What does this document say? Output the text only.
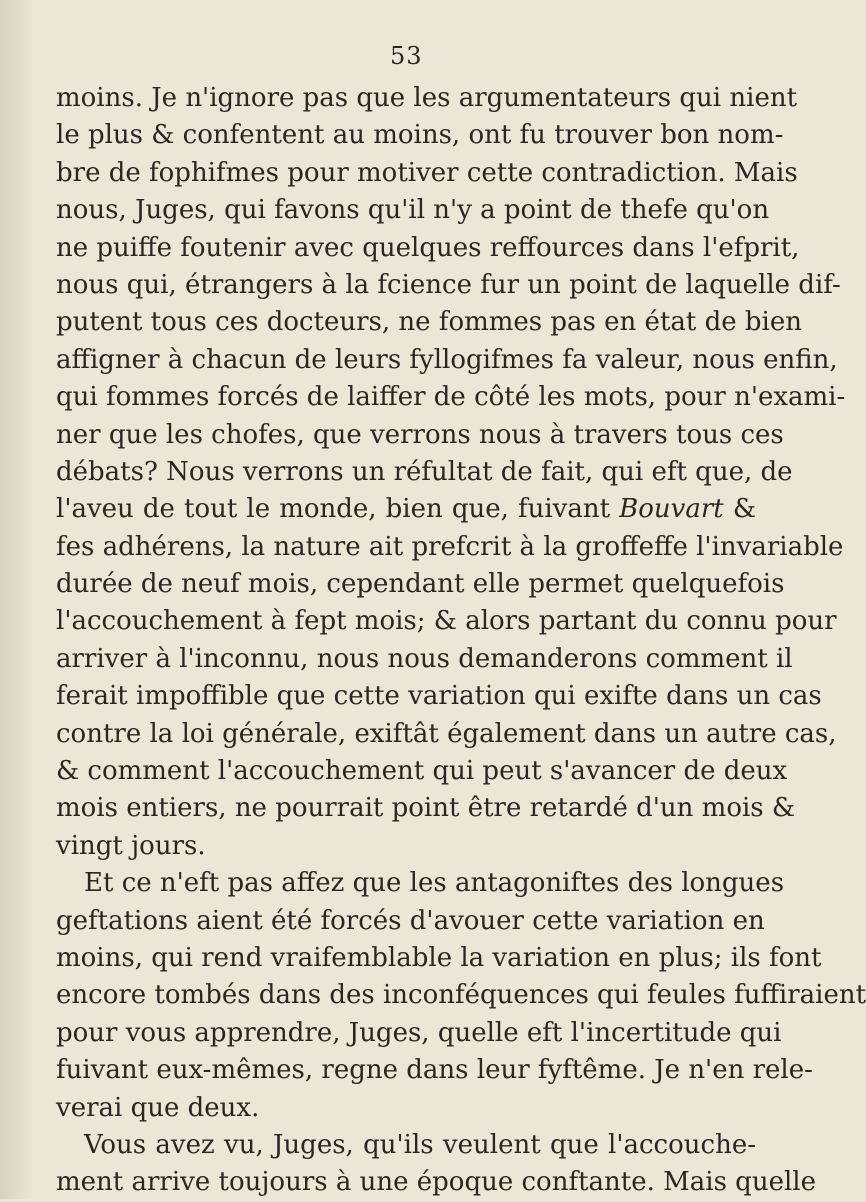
53
moins. Je n'ignore pas que les argumentateurs qui nient
le plus & confentent au moins, ont fu trouver bon nom-
bre de fophifmes pour motiver cette contradiction. Mais
nous, Juges, qui favons qu'il n'y a point de thefe qu'on
ne puiffe foutenir avec quelques reffources dans l'efprit,
nous qui, étrangers à la fcience fur un point de laquelle dif-
putent tous ces docteurs, ne fommes pas en état de bien
affigner à chacun de leurs fyllogifmes fa valeur, nous enfin,
qui fommes forcés de laiffer de côté les mots, pour n'exami-
ner que les chofes, que verrons nous à travers tous ces
débats? Nous verrons un réfultat de fait, qui eft que, de
l'aveu de tout le monde, bien que, fuivant Bouvart &
fes adhérens, la nature ait prefcrit à la groffeffe l'invariable
durée de neuf mois, cependant elle permet quelquefois
l'accouchement à fept mois; & alors partant du connu pour
arriver à l'inconnu, nous nous demanderons comment il
ferait impoffible que cette variation qui exifte dans un cas
contre la loi générale, exiftât également dans un autre cas,
& comment l'accouchement qui peut s'avancer de deux
mois entiers, ne pourrait point être retardé d'un mois &
vingt jours.
Et ce n'eft pas affez que les antagoniftes des longues
geftations aient été forcés d'avouer cette variation en
moins, qui rend vraifemblable la variation en plus; ils font
encore tombés dans des inconféquences qui feules fuffiraient
pour vous apprendre, Juges, quelle eft l'incertitude qui
fuivant eux-mêmes, regne dans leur fyftême. Je n'en rele-
verai que deux.
Vous avez vu, Juges, qu'ils veulent que l'accouche-
ment arrive toujours à une époque conftante. Mais quelle
